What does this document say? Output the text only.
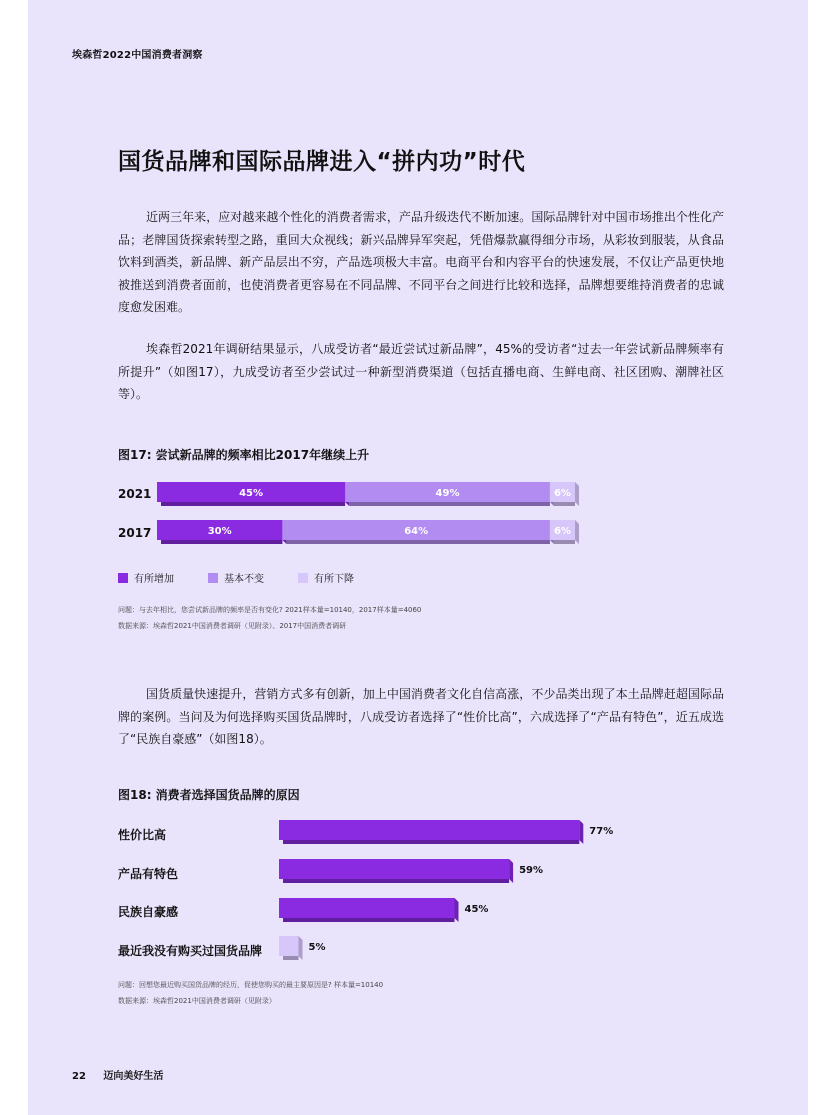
埃森哲2022中国消费者洞察
国货品牌和国际品牌进入“拼内功”时代

近两三年来，应对越来越个性化的消费者需求，产品升级迭代不断加速。国际品牌针对中国市场推出个性化产品；老牌国货探索转型之路，重回大众视线；新兴品牌异军突起，凭借爆款赢得细分市场，从彩妆到服装，从食品饮料到酒类，新品牌、新产品层出不穷，产品选项极大丰富。电商平台和内容平台的快速发展，不仅让产品更快地被推送到消费者面前，也使消费者更容易在不同品牌、不同平台之间进行比较和选择，品牌想要维持消费者的忠诚度愈发困难。

埃森哲2021年调研结果显示，八成受访者“最近尝试过新品牌”，45%的受访者“过去一年尝试新品牌频率有所提升”（如图17），九成受访者至少尝试过一种新型消费渠道（包括直播电商、生鲜电商、社区团购、潮牌社区等）。

图17: 尝试新品牌的频率相比2017年继续上升
2021
2017
45%	49%	6%
30%	64%	6%
有所增加	基本不变	有所下降
问题：与去年相比，您尝试新品牌的频率是否有变化? 2021样本量=10140，2017样本量=4060
数据来源：埃森哲2021中国消费者调研（见附录）、2017中国消费者调研

国货质量快速提升，营销方式多有创新，加上中国消费者文化自信高涨，不少品类出现了本土品牌赶超国际品牌的案例。当问及为何选择购买国货品牌时，八成受访者选择了“性价比高”，六成选择了“产品有特色”，近五成选了“民族自豪感”（如图18）。

图18: 消费者选择国货品牌的原因
性价比高
产品有特色
民族自豪感
最近我没有购买过国货品牌
77%
59%
45%
5%
问题：回想您最近购买国货品牌的经历，促使您购买的最主要原因是? 样本量=10140
数据来源：埃森哲2021中国消费者调研（见附录）
22 迈向美好生活
